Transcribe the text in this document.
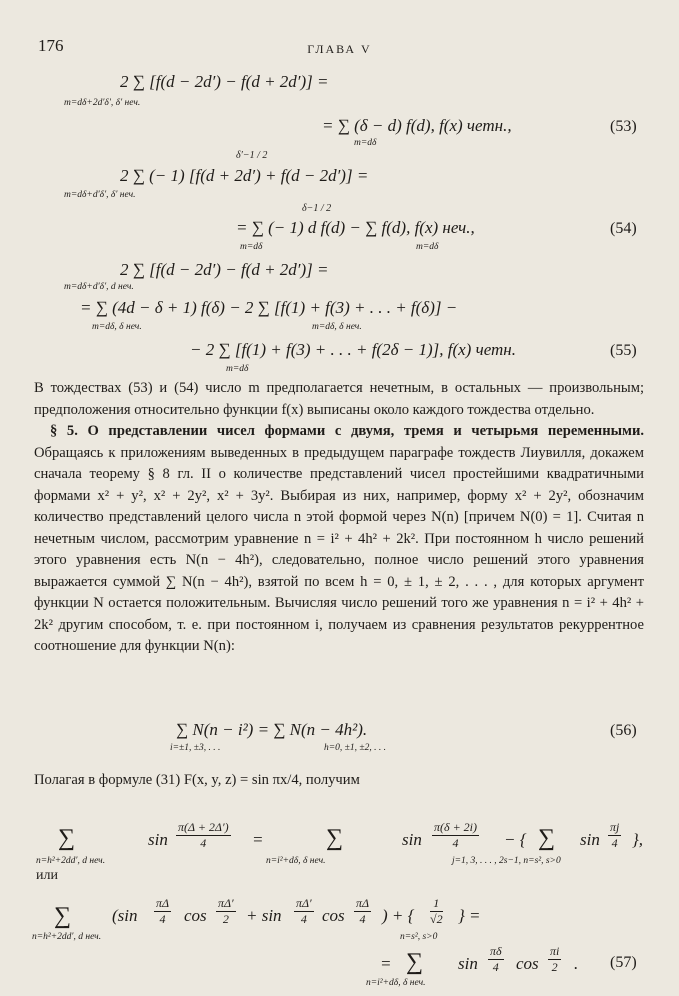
176	ГЛАВА V
2 ∑ [f(d − 2d′) − f(d + 2d′)] =
m=dδ+2d′δ′, δ′ неч.
= ∑ (δ − d) f(d), f(x) четн.,
m=dδ
(53)
δ′−1 / 2
2 ∑ (− 1) [f(d + 2d′) + f(d − 2d′)] =
m=dδ+d′δ′, δ′ неч.
δ−1 / 2
= ∑ (− 1) d f(d) − ∑ f(d), f(x) неч.,
m=dδ	m=dδ
(54)
2 ∑ [f(d − 2d′) − f(d + 2d′)] =
m=dδ+d′δ′, d неч.
= ∑ (4d − δ + 1) f(δ) − 2 ∑ [f(1) + f(3) + . . . + f(δ)] −
m=dδ, δ неч.	m=dδ, δ неч.
− 2 ∑ [f(1) + f(3) + . . . + f(2δ − 1)], f(x) четн.
m=dδ
(55)

В тождествах (53) и (54) число m предполагается нечетным, в остальных — произвольным; предположения относительно функции f(x) выписаны около каждого тождества отдельно.

§ 5. О представлении чисел формами с двумя, тремя и четырьмя переменными. Обращаясь к приложениям выведенных в предыдущем параграфе тождеств Лиувилля, докажем сначала теорему § 8 гл. II о количестве представлений чисел простейшими квадратичными формами x² + y², x² + 2y², x² + 3y². Выбирая из них, например, форму x² + 2y², обозначим количество представлений целого числа n этой формой через N(n) [причем N(0) = 1]. Считая n нечетным числом, рассмотрим уравнение n = i² + 4h² + 2k². При постоянном h число решений этого уравнения есть N(n − 4h²), следовательно, полное число решений этого уравнения выражается суммой ∑ N(n − 4h²), взятой по всем h = 0, ± 1, ± 2, . . . , для которых аргумент функции N остается положительным. Вычисляя число решений того же уравнения n = i² + 4h² + 2k² другим способом, т. е. при постоянном i, получаем из сравнения результатов рекуррентное соотношение для функции N(n):

∑ N(n − i²) = ∑ N(n − 4h²).
i=±1, ±3, . . .	h=0, ±1, ±2, . . .
(56)

Полагая в формуле (31) F(x, y, z) = sin πx/4, получим

∑	$\sin \frac{\pi(\Delta + 2\Delta')}{4}$ =	∑	$\sin \frac{\pi(\delta + 2i)}{4}$ − { ∑ $\sin \frac{\pi j}{4}$ },
n=h²+2dd′, d неч.	n=i²+dδ, δ неч.	j=1, 3, . . . , 2s−1, n=s², s>0
или
∑ ($\sin \frac{\pi\Delta}{4}$ $\cos \frac{\pi\Delta'}{2} + \sin \frac{\pi\Delta'}{4}$ $\cos \frac{\pi\Delta}{4}$ ) + { $\frac{1}{√2}$ } =
n=h²+2dd′, d неч.	n=s², s>0
= ∑ $\sin \frac{\pi\delta}{4}$ $\cos \frac{\pi i}{2}$ .
n=i²+dδ, δ неч.
(57)
